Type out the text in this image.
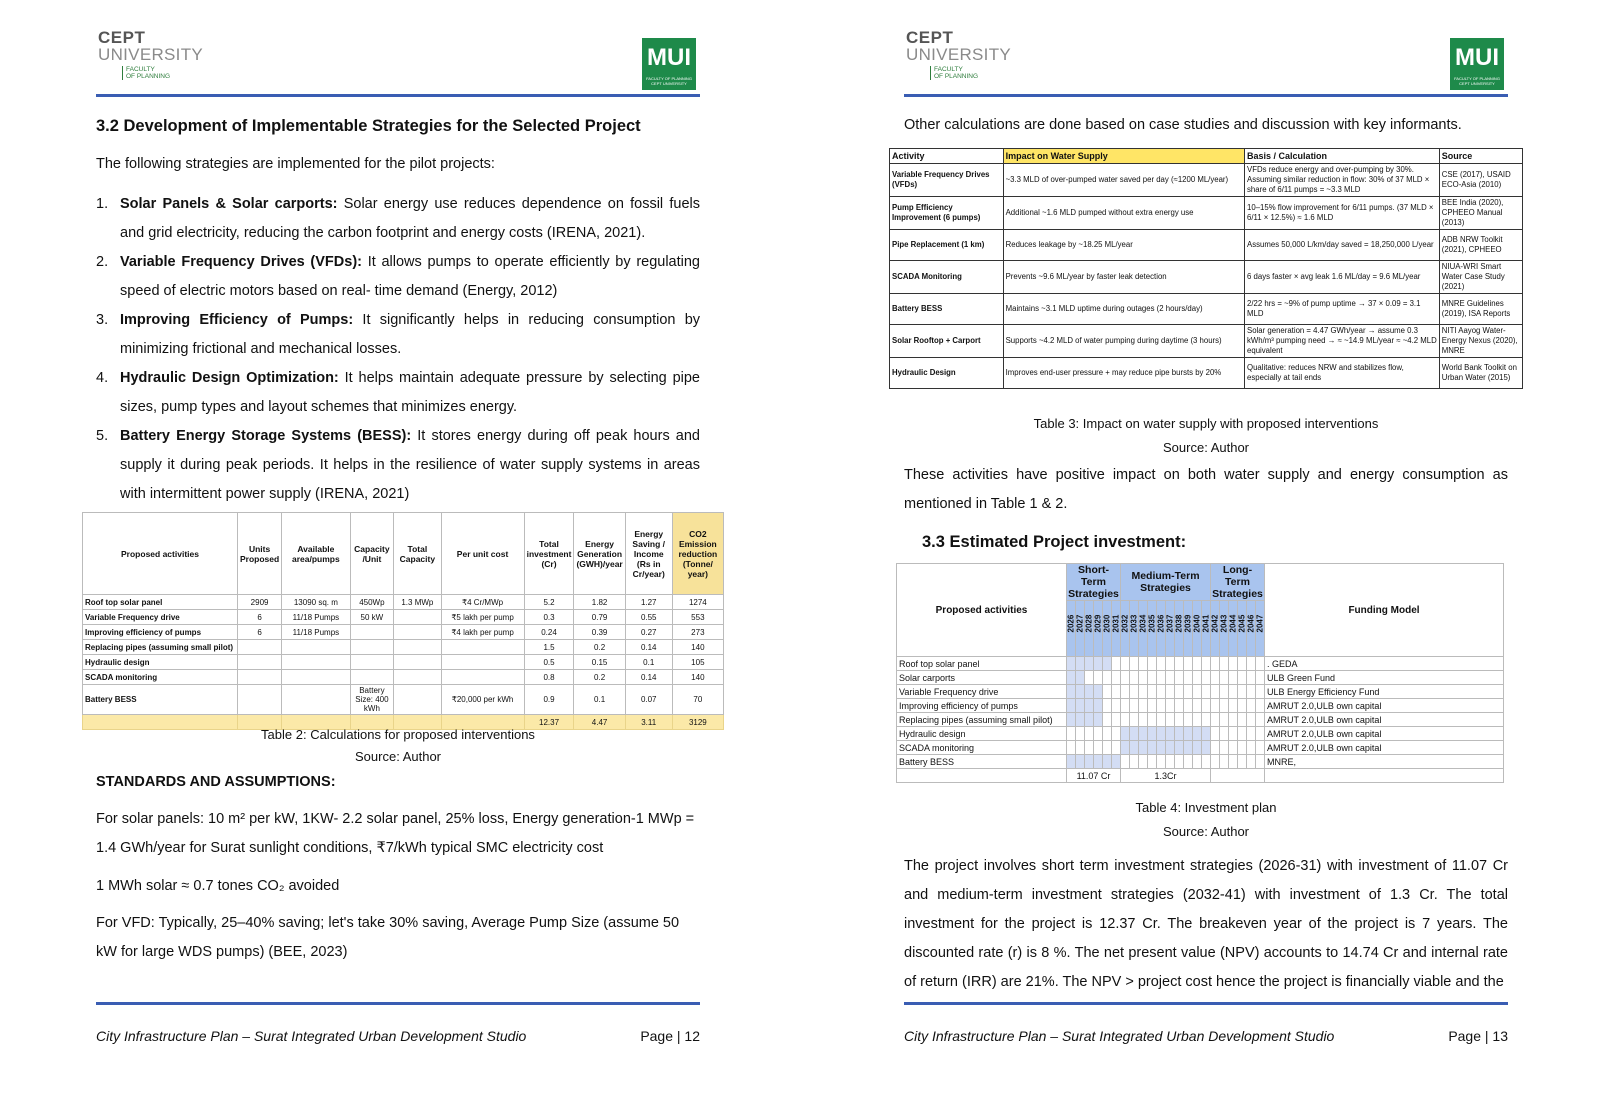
CEPT
UNIVERSITY
FACULTY
OF PLANNING
MUI
FACULTY OF PLANNING CEPT UNIVERSITY
3.2 Development of Implementable Strategies for the Selected Project
The following strategies are implemented for the pilot projects:
1. Solar Panels & Solar carports: Solar energy use reduces dependence on fossil fuels and grid electricity, reducing the carbon footprint and energy costs (IRENA, 2021).
2. Variable Frequency Drives (VFDs): It allows pumps to operate efficiently by regulating speed of electric motors based on real- time demand (Energy, 2012)
3. Improving Efficiency of Pumps: It significantly helps in reducing consumption by minimizing frictional and mechanical losses.
4. Hydraulic Design Optimization: It helps maintain adequate pressure by selecting pipe sizes, pump types and layout schemes that minimizes energy.
5. Battery Energy Storage Systems (BESS): It stores energy during off peak hours and supply it during peak periods. It helps in the resilience of water supply systems in areas with intermittent power supply (IRENA, 2021)
Proposed activities	Units Proposed	Available area/pumps	Capacity /Unit	Total Capacity	Per unit cost	Total investment (Cr)	Energy Generation (GWH)/year	Energy Saving / Income (Rs in Cr/year)	CO2 Emission reduction (Tonne/ year)
Roof top solar panel	2909	13090 sq. m	450Wp	1.3 MWp	₹4 Cr/MWp	5.2	1.82	1.27	1274
Variable Frequency drive	6	11/18 Pumps	50 kW		₹5 lakh per pump	0.3	0.79	0.55	553
Improving efficiency of pumps	6	11/18 Pumps			₹4 lakh per pump	0.24	0.39	0.27	273
Replacing pipes (assuming small pilot)						1.5	0.2	0.14	140
Hydraulic design						0.5	0.15	0.1	105
SCADA monitoring						0.8	0.2	0.14	140
Battery BESS			Battery Size: 400 kWh		₹20,000 per kWh	0.9	0.1	0.07	70
						12.37	4.47	3.11	3129
Table 2: Calculations for proposed interventions
Source: Author
STANDARDS AND ASSUMPTIONS:
For solar panels: 10 m² per kW, 1KW- 2.2 solar panel, 25% loss, Energy generation-1 MWp = 1.4 GWh/year for Surat sunlight conditions, ₹7/kWh typical SMC electricity cost
1 MWh solar ≈ 0.7 tones CO₂ avoided
For VFD: Typically, 25–40% saving; let's take 30% saving, Average Pump Size (assume 50 kW for large WDS pumps) (BEE, 2023)
City Infrastructure Plan – Surat Integrated Urban Development Studio	Page | 12
CEPT
UNIVERSITY
FACULTY
OF PLANNING
MUI
FACULTY OF PLANNING CEPT UNIVERSITY
Other calculations are done based on case studies and discussion with key informants.
Activity	Impact on Water Supply	Basis / Calculation	Source
Variable Frequency Drives (VFDs)	~3.3 MLD of over-pumped water saved per day (≈1200 ML/year)	VFDs reduce energy and over-pumping by 30%. Assuming similar reduction in flow: 30% of 37 MLD × share of 6/11 pumps = ~3.3 MLD	CSE (2017), USAID ECO-Asia (2010)
Pump Efficiency Improvement (6 pumps)	Additional ~1.6 MLD pumped without extra energy use	10–15% flow improvement for 6/11 pumps. (37 MLD × 6/11 × 12.5%) ≈ 1.6 MLD	BEE India (2020), CPHEEO Manual (2013)
Pipe Replacement (1 km)	Reduces leakage by ~18.25 ML/year	Assumes 50,000 L/km/day saved = 18,250,000 L/year	ADB NRW Toolkit (2021), CPHEEO
SCADA Monitoring	Prevents ~9.6 ML/year by faster leak detection	6 days faster × avg leak 1.6 ML/day = 9.6 ML/year	NIUA-WRI Smart Water Case Study (2021)
Battery BESS	Maintains ~3.1 MLD uptime during outages (2 hours/day)	2/22 hrs = ~9% of pump uptime → 37 × 0.09 = 3.1 MLD	MNRE Guidelines (2019), ISA Reports
Solar Rooftop + Carport	Supports ~4.2 MLD of water pumping during daytime (3 hours)	Solar generation = 4.47 GWh/year → assume 0.3 kWh/m³ pumping need → ≈ ~14.9 ML/year ≈ ~4.2 MLD equivalent	NITI Aayog Water-Energy Nexus (2020), MNRE
Hydraulic Design	Improves end-user pressure + may reduce pipe bursts by 20%	Qualitative: reduces NRW and stabilizes flow, especially at tail ends	World Bank Toolkit on Urban Water (2015)
Table 3: Impact on water supply with proposed interventions
Source: Author
These activities have positive impact on both water supply and energy consumption as mentioned in Table 1 & 2.
3.3 Estimated Project investment:
Proposed activities	Short-Term Strategies						Medium-Term Strategies										Long-Term Strategies						Funding Model

	2026	2027	2028	2029	2030	2031	2032	2033	2034	2035	2036	2037	2038	2039	2040	2041	2042	2043	2044	2045	2046	2047	

Roof top solar panel																							. GEDA
Solar carports																							ULB Green Fund
Variable Frequency drive																							ULB Energy Efficiency Fund
Improving efficiency of pumps																							AMRUT 2.0,ULB own capital
Replacing pipes (assuming small pilot)																							AMRUT 2.0,ULB own capital
Hydraulic design																							AMRUT 2.0,ULB own capital
SCADA monitoring																							AMRUT 2.0,ULB own capital
Battery BESS																							MNRE,
	11.07 Cr						1.3Cr																
Table 4: Investment plan
Source: Author
The project involves short term investment strategies (2026-31) with investment of 11.07 Cr and medium-term investment strategies (2032-41) with investment of 1.3 Cr. The total investment for the project is 12.37 Cr. The breakeven year of the project is 7 years. The discounted rate (r) is 8 %. The net present value (NPV) accounts to 14.74 Cr and internal rate of return (IRR) are 21%. The NPV > project cost hence the project is financially viable and the
City Infrastructure Plan – Surat Integrated Urban Development Studio	Page | 13
